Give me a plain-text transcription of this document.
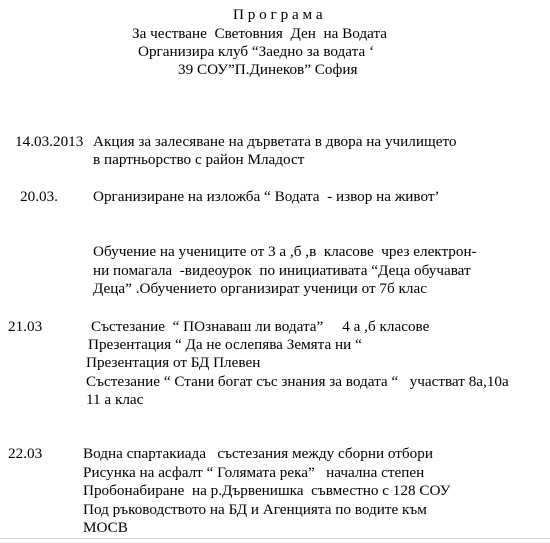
П р о г р а м а
За честване  Световния  Ден  на Водата
Организира клуб “Заедно за водата ‘
39 СОУ”П.Динеков” София
14.03.2013 Акция за залесяване на дърветата в двора на училището
в партньорство с район Младост
20.03. Организиране на изложба “ Водата  - извор на живот’
Обучение на учениците от 3 а ,б ,в  класове  чрез електрон-
ни помагала  -видеоурок  по инициативата “Деца обучават
Деца” .Обучението организират ученици от 7б клас
21.03	Състезание  “ ПОзнаваш ли водата”     4 а ,б класове
Презентация “ Да не ослепява Земята ни “
Презентация от БД Плевен
Състезание “ Стани богат със знания за водата “   участват 8а,10а
11 а клас
22.03	Водна спартакиада   състезания между сборни отбори
Рисунка на асфалт “ Голямата река”   начална степен
Пробонабиране  на р.Дървенишка  съвместно с 128 СОУ
Под ръководството на БД и Агенцията по водите към
МОСВ
